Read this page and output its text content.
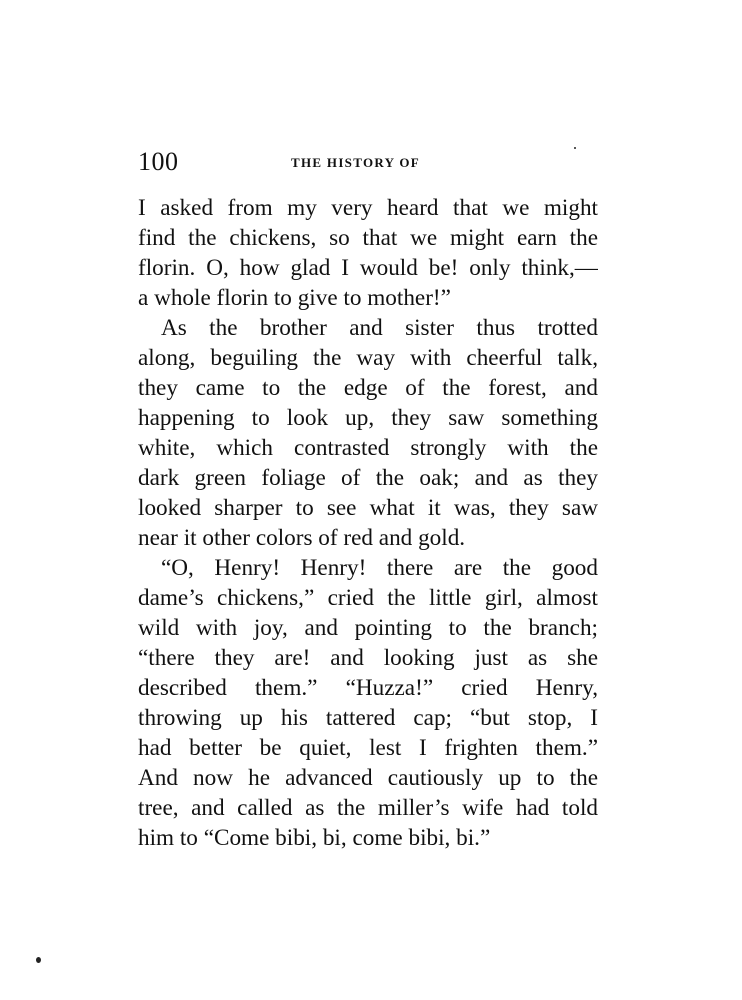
100	THE HISTORY OF
I asked from my very heard that we might
find the chickens, so that we might earn the
florin. O, how glad I would be! only think,—
a whole florin to give to mother!”
As the brother and sister thus trotted
along, beguiling the way with cheerful talk,
they came to the edge of the forest, and
happening to look up, they saw something
white, which contrasted strongly with the
dark green foliage of the oak; and as they
looked sharper to see what it was, they saw
near it other colors of red and gold.
“O, Henry! Henry! there are the good
dame’s chickens,” cried the little girl, almost
wild with joy, and pointing to the branch;
“there they are! and looking just as she
described them.” “Huzza!” cried Henry,
throwing up his tattered cap; “but stop, I
had better be quiet, lest I frighten them.”
And now he advanced cautiously up to the
tree, and called as the miller’s wife had told
him to “Come bibi, bi, come bibi, bi.”
